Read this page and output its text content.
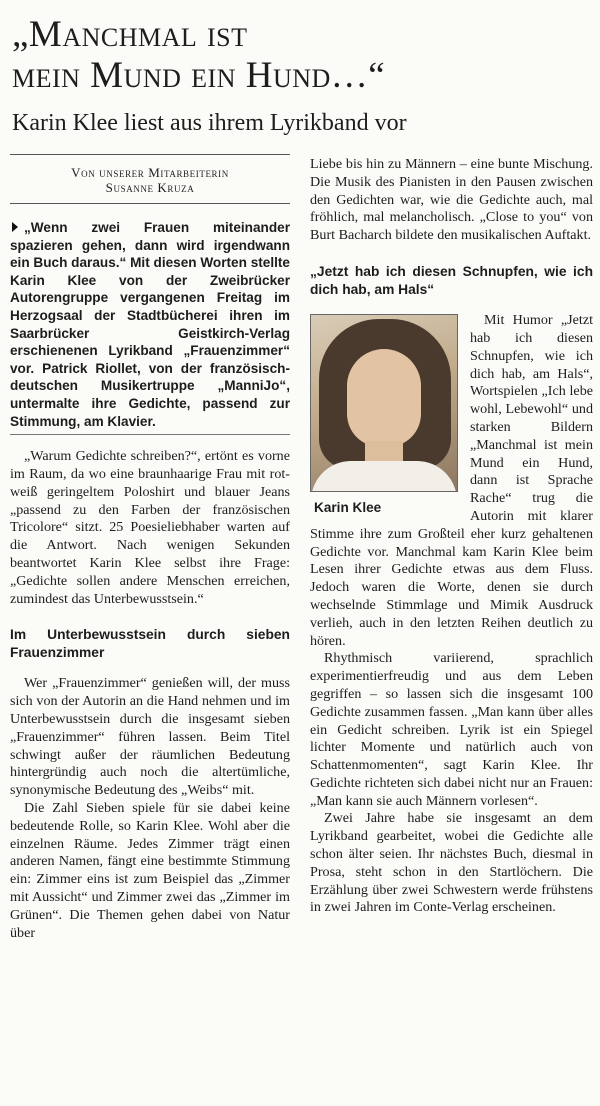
„Manchmal ist
mein Mund ein Hund…“
Karin Klee liest aus ihrem Lyrikband vor
Von unserer Mitarbeiterin
Susanne Kruza

„Wenn zwei Frauen miteinander spazieren gehen, dann wird irgendwann ein Buch daraus.“ Mit diesen Worten stellte Karin Klee von der Zweibrücker Autorengruppe vergangenen Freitag im Herzogsaal der Stadtbücherei ihren im Saarbrücker Geistkirch-Verlag erschienenen Lyrikband „Frauenzimmer“ vor. Patrick Riollet, von der französisch-deutschen Musikertruppe „ManniJo“, untermalte ihre Gedichte, passend zur Stimmung, am Klavier.

„Warum Gedichte schreiben?“, ertönt es vorne im Raum, da wo eine braunhaarige Frau mit rot-weiß geringeltem Poloshirt und blauer Jeans „passend zu den Farben der französischen Tricolore“ sitzt. 25 Poesieliebhaber warten auf die Antwort. Nach wenigen Sekunden beantwortet Karin Klee selbst ihre Frage: „Gedichte sollen andere Menschen erreichen, zumindest das Unterbewusstsein.“

Im Unterbewusstsein durch sieben Frauenzimmer

Wer „Frauenzimmer“ genießen will, der muss sich von der Autorin an die Hand nehmen und im Unterbewusstsein durch die insgesamt sieben „Frauenzimmer“ führen lassen. Beim Titel schwingt außer der räumlichen Bedeutung hintergründig auch noch die altertümliche, synonymische Bedeutung des „Weibs“ mit.

Die Zahl Sieben spiele für sie dabei keine bedeutende Rolle, so Karin Klee. Wohl aber die einzelnen Räume. Jedes Zimmer trägt einen anderen Namen, fängt eine bestimmte Stimmung ein: Zimmer eins ist zum Beispiel das „Zimmer mit Aussicht“ und Zimmer zwei das „Zimmer im Grünen“. Die Themen gehen dabei von Natur über

Liebe bis hin zu Männern – eine bunte Mischung. Die Musik des Pianisten in den Pausen zwischen den Gedichten war, wie die Gedichte auch, mal fröhlich, mal melancholisch. „Close to you“ von Burt Bacharch bildete den musikalischen Auftakt.

„Jetzt hab ich diesen Schnupfen, wie ich dich hab, am Hals“
Karin Klee

Mit Humor „Jetzt hab ich diesen Schnupfen, wie ich dich hab, am Hals“, Wortspielen „Ich lebe wohl, Lebewohl“ und starken Bildern „Manchmal ist mein Mund ein Hund, dann ist Sprache Rache“ trug die Autorin mit klarer Stimme ihre zum Großteil eher kurz gehaltenen Gedichte vor. Manchmal kam Karin Klee beim Lesen ihrer Gedichte etwas aus dem Fluss. Jedoch waren die Worte, denen sie durch wechselnde Stimmlage und Mimik Ausdruck verlieh, auch in den letzten Reihen deutlich zu hören.

Rhythmisch variierend, sprachlich experimentierfreudig und aus dem Leben gegriffen – so lassen sich die insgesamt 100 Gedichte zusammen fassen. „Man kann über alles ein Gedicht schreiben. Lyrik ist ein Spiegel lichter Momente und natürlich auch von Schattenmomenten“, sagt Karin Klee. Ihr Gedichte richteten sich dabei nicht nur an Frauen: „Man kann sie auch Männern vorlesen“.

Zwei Jahre habe sie insgesamt an dem Lyrikband gearbeitet, wobei die Gedichte alle schon älter seien. Ihr nächstes Buch, diesmal in Prosa, steht schon in den Startlöchern. Die Erzählung über zwei Schwestern werde frühstens in zwei Jahren im Conte-Verlag erscheinen.
